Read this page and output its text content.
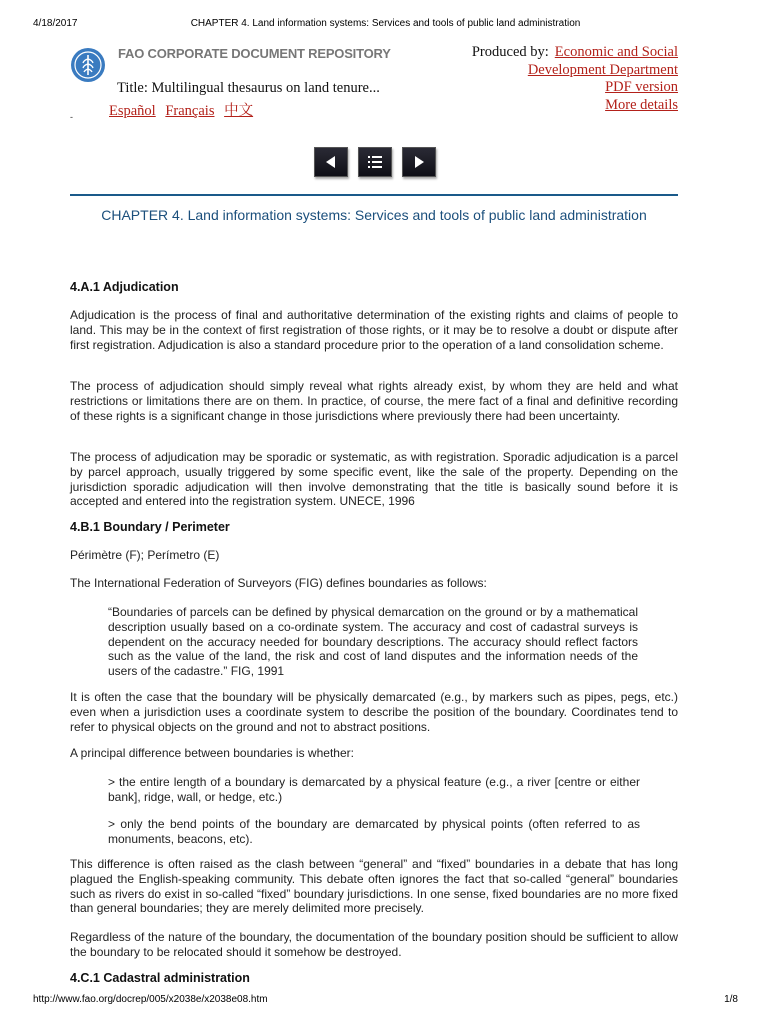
4/18/2017	CHAPTER 4. Land information systems: Services and tools of public land administration
FAO CORPORATE DOCUMENT REPOSITORY
Title: Multilingual thesaurus on land tenure...
Español Français 中文
-
Produced by: Economic and Social
Development Department
PDF version
More details
CHAPTER 4. Land information systems: Services and tools of public land administration
4.A.1 Adjudication

Adjudication is the process of final and authoritative determination of the existing rights and claims of people to land. This may be in the context of first registration of those rights, or it may be to resolve a doubt or dispute after first registration. Adjudication is also a standard procedure prior to the operation of a land consolidation scheme.

The process of adjudication should simply reveal what rights already exist, by whom they are held and what restrictions or limitations there are on them. In practice, of course, the mere fact of a final and definitive recording of these rights is a significant change in those jurisdictions where previously there had been uncertainty.

The process of adjudication may be sporadic or systematic, as with registration. Sporadic adjudication is a parcel by parcel approach, usually triggered by some specific event, like the sale of the property. Depending on the jurisdiction sporadic adjudication will then involve demonstrating that the title is basically sound before it is accepted and entered into the registration system. UNECE, 1996

4.B.1 Boundary / Perimeter
Périmètre (F); Perímetro (E)
The International Federation of Surveyors (FIG) defines boundaries as follows:

“Boundaries of parcels can be defined by physical demarcation on the ground or by a mathematical description usually based on a co-ordinate system. The accuracy and cost of cadastral surveys is dependent on the accuracy needed for boundary descriptions. The accuracy should reflect factors such as the value of the land, the risk and cost of land disputes and the information needs of the users of the cadastre.” FIG, 1991

It is often the case that the boundary will be physically demarcated (e.g., by markers such as pipes, pegs, etc.) even when a jurisdiction uses a coordinate system to describe the position of the boundary. Coordinates tend to refer to physical objects on the ground and not to abstract positions.

A principal difference between boundaries is whether:

> the entire length of a boundary is demarcated by a physical feature (e.g., a river [centre or either bank], ridge, wall, or hedge, etc.)

> only the bend points of the boundary are demarcated by physical points (often referred to as monuments, beacons, etc).

This difference is often raised as the clash between “general” and “fixed” boundaries in a debate that has long plagued the English-speaking community. This debate often ignores the fact that so-called “general” boundaries such as rivers do exist in so-called “fixed” boundary jurisdictions. In one sense, fixed boundaries are no more fixed than general boundaries; they are merely delimited more precisely.

Regardless of the nature of the boundary, the documentation of the boundary position should be sufficient to allow the boundary to be relocated should it somehow be destroyed.

4.C.1 Cadastral administration
http://www.fao.org/docrep/005/x2038e/x2038e08.htm	1/8
